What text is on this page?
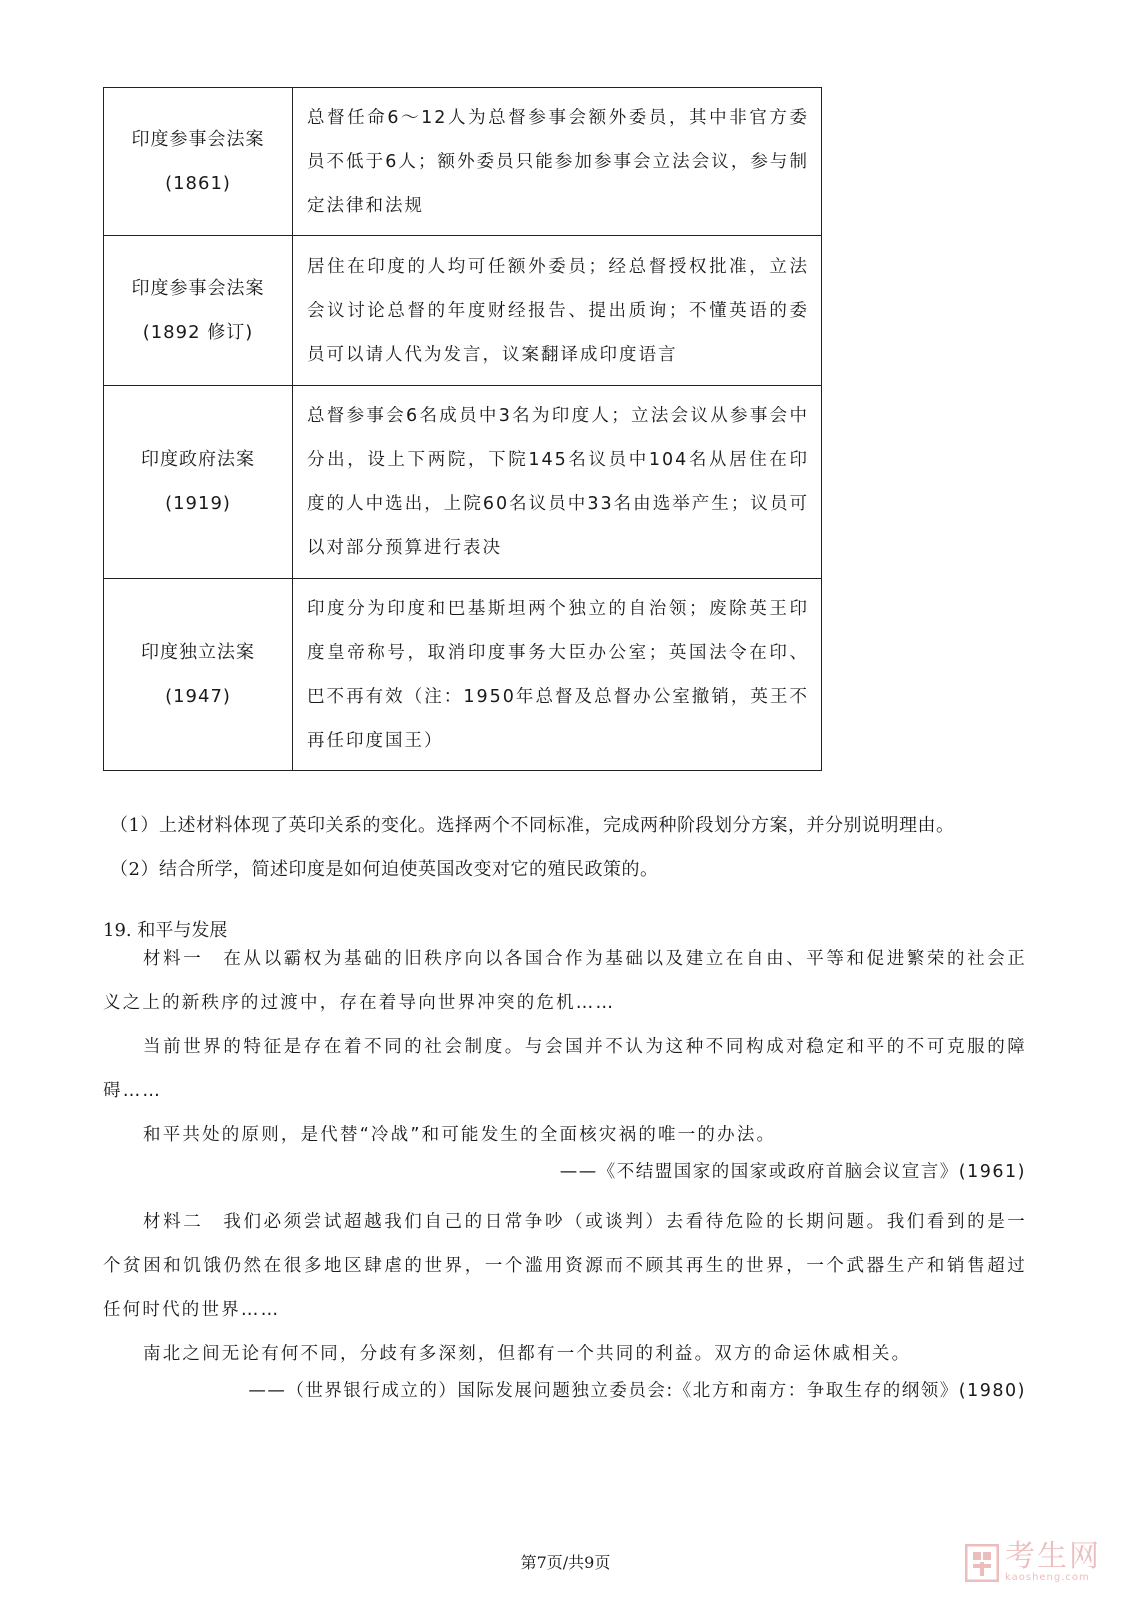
印度参事会法案
(1861)	总督任命6～12人为总督参事会额外委员，其中非官方委员不低于6人；额外委员只能参加参事会立法会议，参与制定法律和法规

印度参事会法案
(1892 修订)	居住在印度的人均可任额外委员；经总督授权批准，立法会议讨论总督的年度财经报告、提出质询；不懂英语的委员可以请人代为发言，议案翻译成印度语言

印度政府法案
(1919)	总督参事会6名成员中3名为印度人；立法会议从参事会中分出，设上下两院，下院145名议员中104名从居住在印度的人中选出，上院60名议员中33名由选举产生；议员可以对部分预算进行表决

印度独立法案
(1947)	印度分为印度和巴基斯坦两个独立的自治领；废除英王印度皇帝称号，取消印度事务大臣办公室；英国法令在印、巴不再有效（注：1950年总督及总督办公室撤销，英王不再任印度国王）
（1）上述材料体现了英印关系的变化。选择两个不同标准，完成两种阶段划分方案，并分别说明理由。
（2）结合所学，简述印度是如何迫使英国改变对它的殖民政策的。
19. 和平与发展

材料一　在从以霸权为基础的旧秩序向以各国合作为基础以及建立在自由、平等和促进繁荣的社会正义之上的新秩序的过渡中，存在着导向世界冲突的危机……

当前世界的特征是存在着不同的社会制度。与会国并不认为这种不同构成对稳定和平的不可克服的障碍……

和平共处的原则，是代替“冷战”和可能发生的全面核灾祸的唯一的办法。

——《不结盟国家的国家或政府首脑会议宣言》(1961)

材料二　我们必须尝试超越我们自己的日常争吵（或谈判）去看待危险的长期问题。我们看到的是一个贫困和饥饿仍然在很多地区肆虐的世界，一个滥用资源而不顾其再生的世界，一个武器生产和销售超过任何时代的世界……

南北之间无论有何不同，分歧有多深刻，但都有一个共同的利益。双方的命运休戚相关。

——（世界银行成立的）国际发展问题独立委员会:《北方和南方：争取生存的纲领》(1980)
第7页/共9页	考生网
kaosheng.com
